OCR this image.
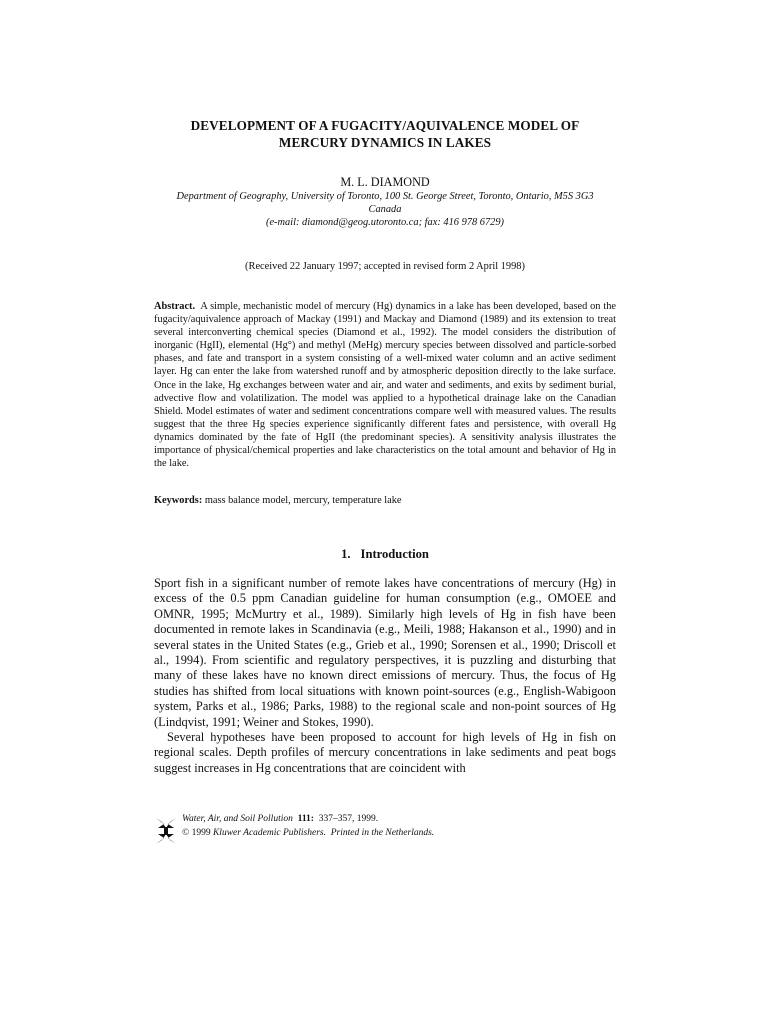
DEVELOPMENT OF A FUGACITY/AQUIVALENCE MODEL OF
MERCURY DYNAMICS IN LAKES
M. L. DIAMOND
Department of Geography, University of Toronto, 100 St. George Street, Toronto, Ontario, M5S 3G3
Canada
(e-mail: diamond@geog.utoronto.ca; fax: 416 978 6729)
(Received 22 January 1997; accepted in revised form 2 April 1998)
Abstract. A simple, mechanistic model of mercury (Hg) dynamics in a lake has been developed, based on the fugacity/aquivalence approach of Mackay (1991) and Mackay and Diamond (1989) and its extension to treat several interconverting chemical species (Diamond et al., 1992). The model considers the distribution of inorganic (HgII), elemental (Hg°) and methyl (MeHg) mercury species between dissolved and particle-sorbed phases, and fate and transport in a system consisting of a well-mixed water column and an active sediment layer. Hg can enter the lake from watershed runoff and by atmospheric deposition directly to the lake surface. Once in the lake, Hg exchanges between water and air, and water and sediments, and exits by sediment burial, advective flow and volatilization. The model was applied to a hypothetical drainage lake on the Canadian Shield. Model estimates of water and sediment concentrations compare well with measured values. The results suggest that the three Hg species experience significantly different fates and persistence, with overall Hg dynamics dominated by the fate of HgII (the predominant species). A sensitivity analysis illustrates the importance of physical/chemical properties and lake characteristics on the total amount and behavior of Hg in the lake.
Keywords: mass balance model, mercury, temperature lake
1. Introduction

Sport fish in a significant number of remote lakes have concentrations of mercury (Hg) in excess of the 0.5 ppm Canadian guideline for human consumption (e.g., OMOEE and OMNR, 1995; McMurtry et al., 1989). Similarly high levels of Hg in fish have been documented in remote lakes in Scandinavia (e.g., Meili, 1988; Hakanson et al., 1990) and in several states in the United States (e.g., Grieb et al., 1990; Sorensen et al., 1990; Driscoll et al., 1994). From scientific and regulatory perspectives, it is puzzling and disturbing that many of these lakes have no known direct emissions of mercury. Thus, the focus of Hg studies has shifted from local situations with known point-sources (e.g., English-Wabigoon system, Parks et al., 1986; Parks, 1988) to the regional scale and non-point sources of Hg (Lindqvist, 1991; Weiner and Stokes, 1990).

Several hypotheses have been proposed to account for high levels of Hg in fish on regional scales. Depth profiles of mercury concentrations in lake sediments and peat bogs suggest increases in Hg concentrations that are coincident with

Water, Air, and Soil Pollution 111: 337–357, 1999.
© 1999 Kluwer Academic Publishers. Printed in the Netherlands.
